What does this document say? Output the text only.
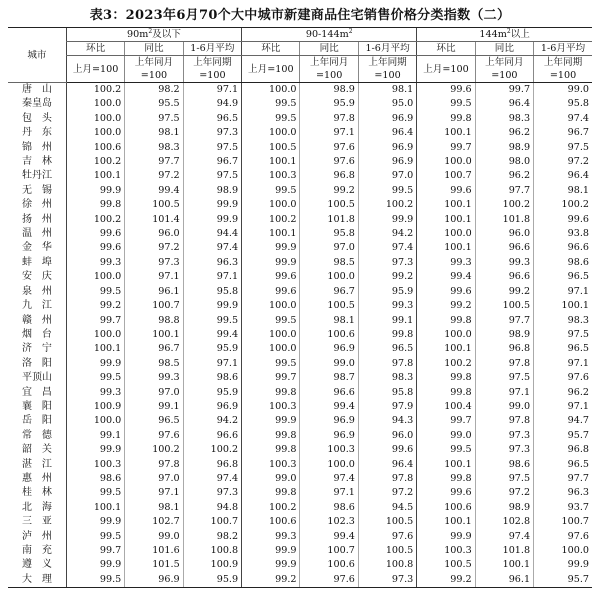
表3：2023年6月70个大中城市新建商品住宅销售价格分类指数（二）
城市	$90m^2$及以下			$90-144m^2$			$144m^2$以上		
	环比	同比	1-6月平均	环比	同比	1-6月平均	环比	同比	1-6月平均
	上月=100	上年同月=100	上年同期=100	上月=100	上年同月=100	上年同期=100	上月=100	上年同月=100	上年同期=100
唐山	100.2	98.2	97.1	100.0	98.9	98.1	99.6	99.7	99.0
秦皇岛	100.0	95.5	94.9	99.5	95.9	95.0	99.5	96.4	95.8
包头	100.0	97.5	96.5	99.5	97.8	96.9	99.8	98.3	97.4
丹东	100.0	98.1	97.3	100.0	97.1	96.4	100.1	96.2	96.7
锦州	100.6	98.3	97.5	100.5	97.6	96.9	99.7	98.9	97.5
吉林	100.2	97.7	96.7	100.1	97.6	96.9	100.0	98.0	97.2
牡丹江	100.1	97.2	97.5	100.3	96.8	97.0	100.7	96.2	96.4
无锡	99.9	99.4	98.9	99.5	99.2	99.5	99.6	97.7	98.1
徐州	99.8	100.5	99.9	100.0	100.5	100.2	100.1	100.2	100.2
扬州	100.2	101.4	99.9	100.2	101.8	99.9	100.1	101.8	99.6
温州	99.6	96.0	94.4	100.1	95.8	94.2	100.0	96.0	93.8
金华	99.6	97.2	97.4	99.9	97.0	97.4	100.1	96.6	96.6
蚌埠	99.3	97.3	96.3	99.9	98.5	97.3	99.3	99.3	98.6
安庆	100.0	97.1	97.1	99.6	100.0	99.2	99.4	96.6	96.5
泉州	99.5	96.1	95.8	99.6	96.7	95.9	99.6	99.2	97.1
九江	99.2	100.7	99.9	100.0	100.5	99.3	99.2	100.5	100.1
赣州	99.7	98.8	99.5	99.5	98.1	99.1	99.8	97.7	98.3
烟台	100.0	100.1	99.4	100.0	100.6	99.8	100.0	98.9	97.5
济宁	100.1	96.7	95.9	100.0	96.9	96.5	100.1	96.8	96.5
洛阳	99.9	98.5	97.1	99.5	99.0	97.8	100.2	97.8	97.1
平顶山	99.5	99.3	98.6	99.7	98.7	98.3	99.8	97.5	97.6
宜昌	99.3	97.0	95.9	99.8	96.6	95.8	99.8	97.1	96.2
襄阳	100.9	99.1	96.9	100.3	99.4	97.9	100.4	99.0	97.1
岳阳	100.0	96.5	94.2	99.9	96.9	94.3	99.7	97.8	94.7
常德	99.1	97.6	96.6	99.8	96.9	96.0	99.0	97.3	95.7
韶关	99.9	100.2	100.2	99.8	100.3	99.6	99.5	97.3	96.8
湛江	100.3	97.8	96.8	100.3	100.0	96.4	100.1	98.6	96.5
惠州	98.6	97.0	97.4	99.0	97.4	97.8	99.8	97.5	97.7
桂林	99.5	97.1	97.3	99.8	97.1	97.2	99.6	97.2	96.3
北海	100.1	98.1	94.8	100.2	98.6	94.5	100.6	98.9	93.7
三亚	99.9	102.7	100.7	100.6	102.3	100.5	100.1	102.8	100.7
泸州	99.5	99.0	98.2	99.3	99.4	97.6	99.9	97.4	97.6
南充	99.7	101.6	100.8	99.9	100.7	100.5	100.3	101.8	100.0
遵义	99.9	101.5	100.9	99.9	100.6	100.8	100.5	100.1	99.9
大理	99.5	96.9	95.9	99.2	97.6	97.3	99.2	96.1	95.7
